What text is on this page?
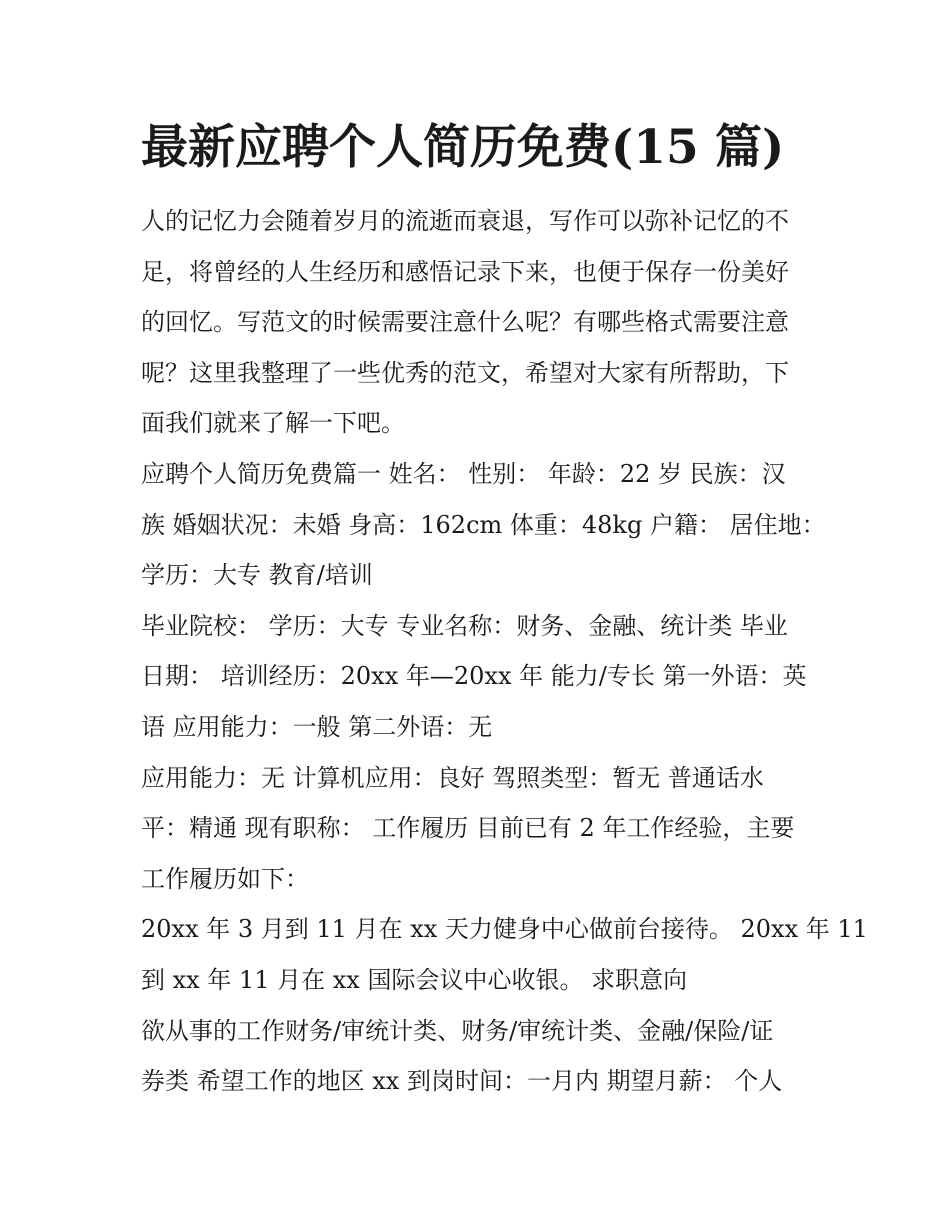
最新应聘个人简历免费(15 篇)
人的记忆力会随着岁月的流逝而衰退，写作可以弥补记忆的不
足，将曾经的人生经历和感悟记录下来，也便于保存一份美好
的回忆。写范文的时候需要注意什么呢？有哪些格式需要注意
呢？这里我整理了一些优秀的范文，希望对大家有所帮助，下
面我们就来了解一下吧。
应聘个人简历免费篇一 姓名： 性别： 年龄：22 岁 民族：汉
族 婚姻状况：未婚 身高：162cm 体重：48kg 户籍： 居住地：
学历：大专 教育/培训
毕业院校： 学历：大专 专业名称：财务、金融、统计类 毕业
日期： 培训经历：20xx 年—20xx 年 能力/专长 第一外语：英
语 应用能力：一般 第二外语：无
应用能力：无 计算机应用：良好 驾照类型：暂无 普通话水
平：精通 现有职称： 工作履历 目前已有 2 年工作经验，主要
工作履历如下：
20xx 年 3 月到 11 月在 xx 天力健身中心做前台接待。 20xx 年 11
到 xx 年 11 月在 xx 国际会议中心收银。 求职意向
欲从事的工作财务/审统计类、财务/审统计类、金融/保险/证
券类 希望工作的地区 xx 到岗时间：一月内 期望月薪： 个人
